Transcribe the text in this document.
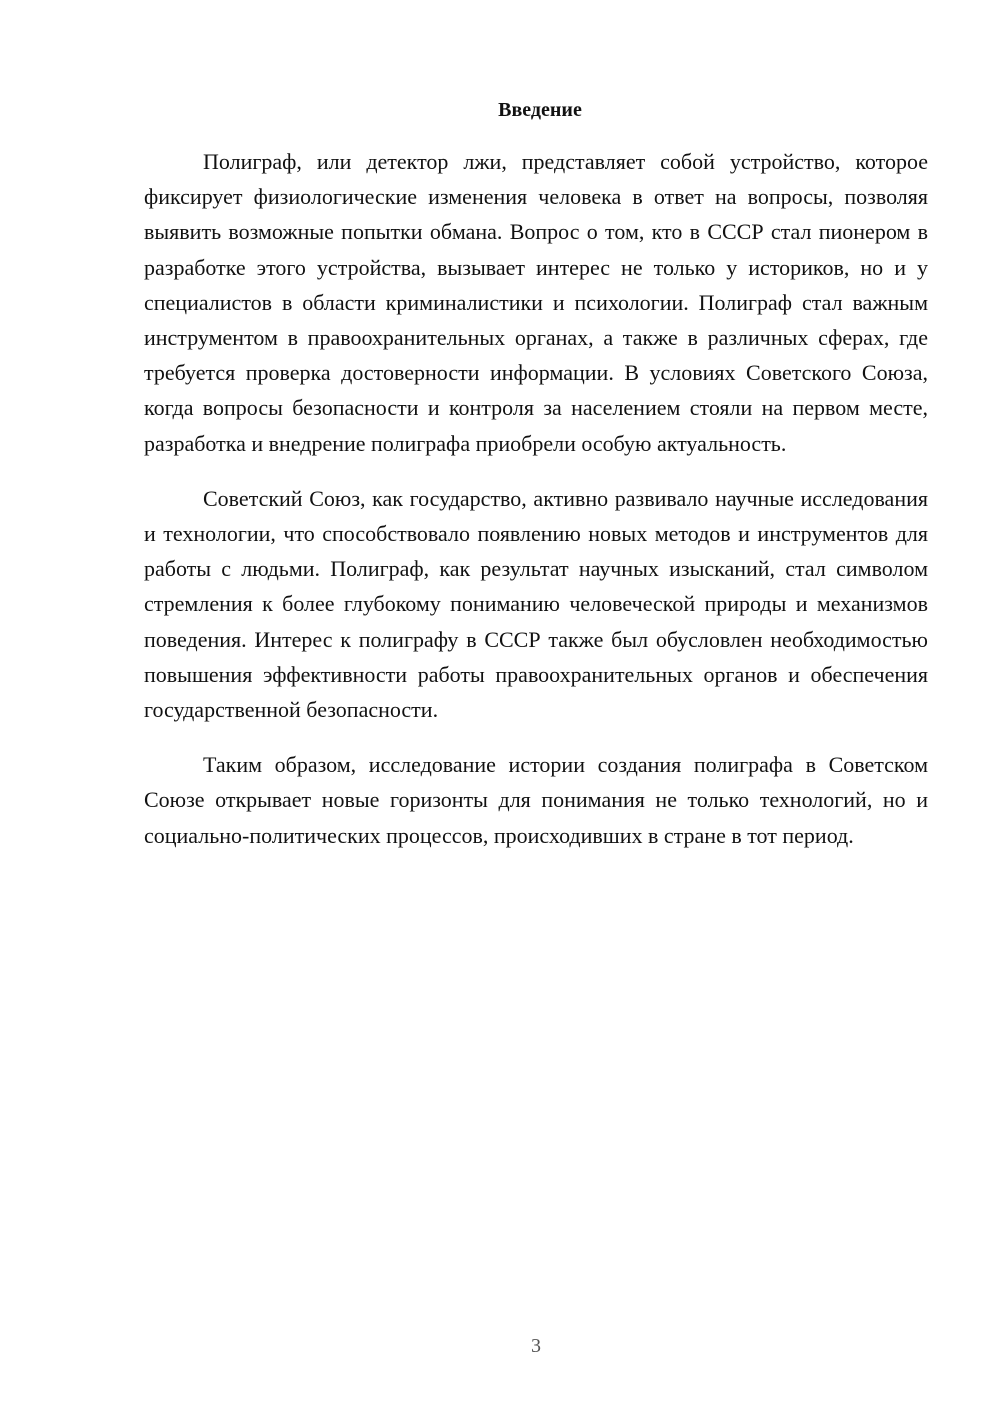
Введение

Полиграф, или детектор лжи, представляет собой устройство, которое фиксирует физиологические изменения человека в ответ на вопросы, позволяя выявить возможные попытки обмана. Вопрос о том, кто в СССР стал пионером в разработке этого устройства, вызывает интерес не только у историков, но и у специалистов в области криминалистики и психологии. Полиграф стал важным инструментом в правоохранительных органах, а также в различных сферах, где требуется проверка достоверности информации. В условиях Советского Союза, когда вопросы безопасности и контроля за населением стояли на первом месте, разработка и внедрение полиграфа приобрели особую актуальность.

Советский Союз, как государство, активно развивало научные исследования и технологии, что способствовало появлению новых методов и инструментов для работы с людьми. Полиграф, как результат научных изысканий, стал символом стремления к более глубокому пониманию человеческой природы и механизмов поведения. Интерес к полиграфу в СССР также был обусловлен необходимостью повышения эффективности работы правоохранительных органов и обеспечения государственной безопасности.

Таким образом, исследование истории создания полиграфа в Советском Союзе открывает новые горизонты для понимания не только технологий, но и социально-политических процессов, происходивших в стране в тот период.

3
